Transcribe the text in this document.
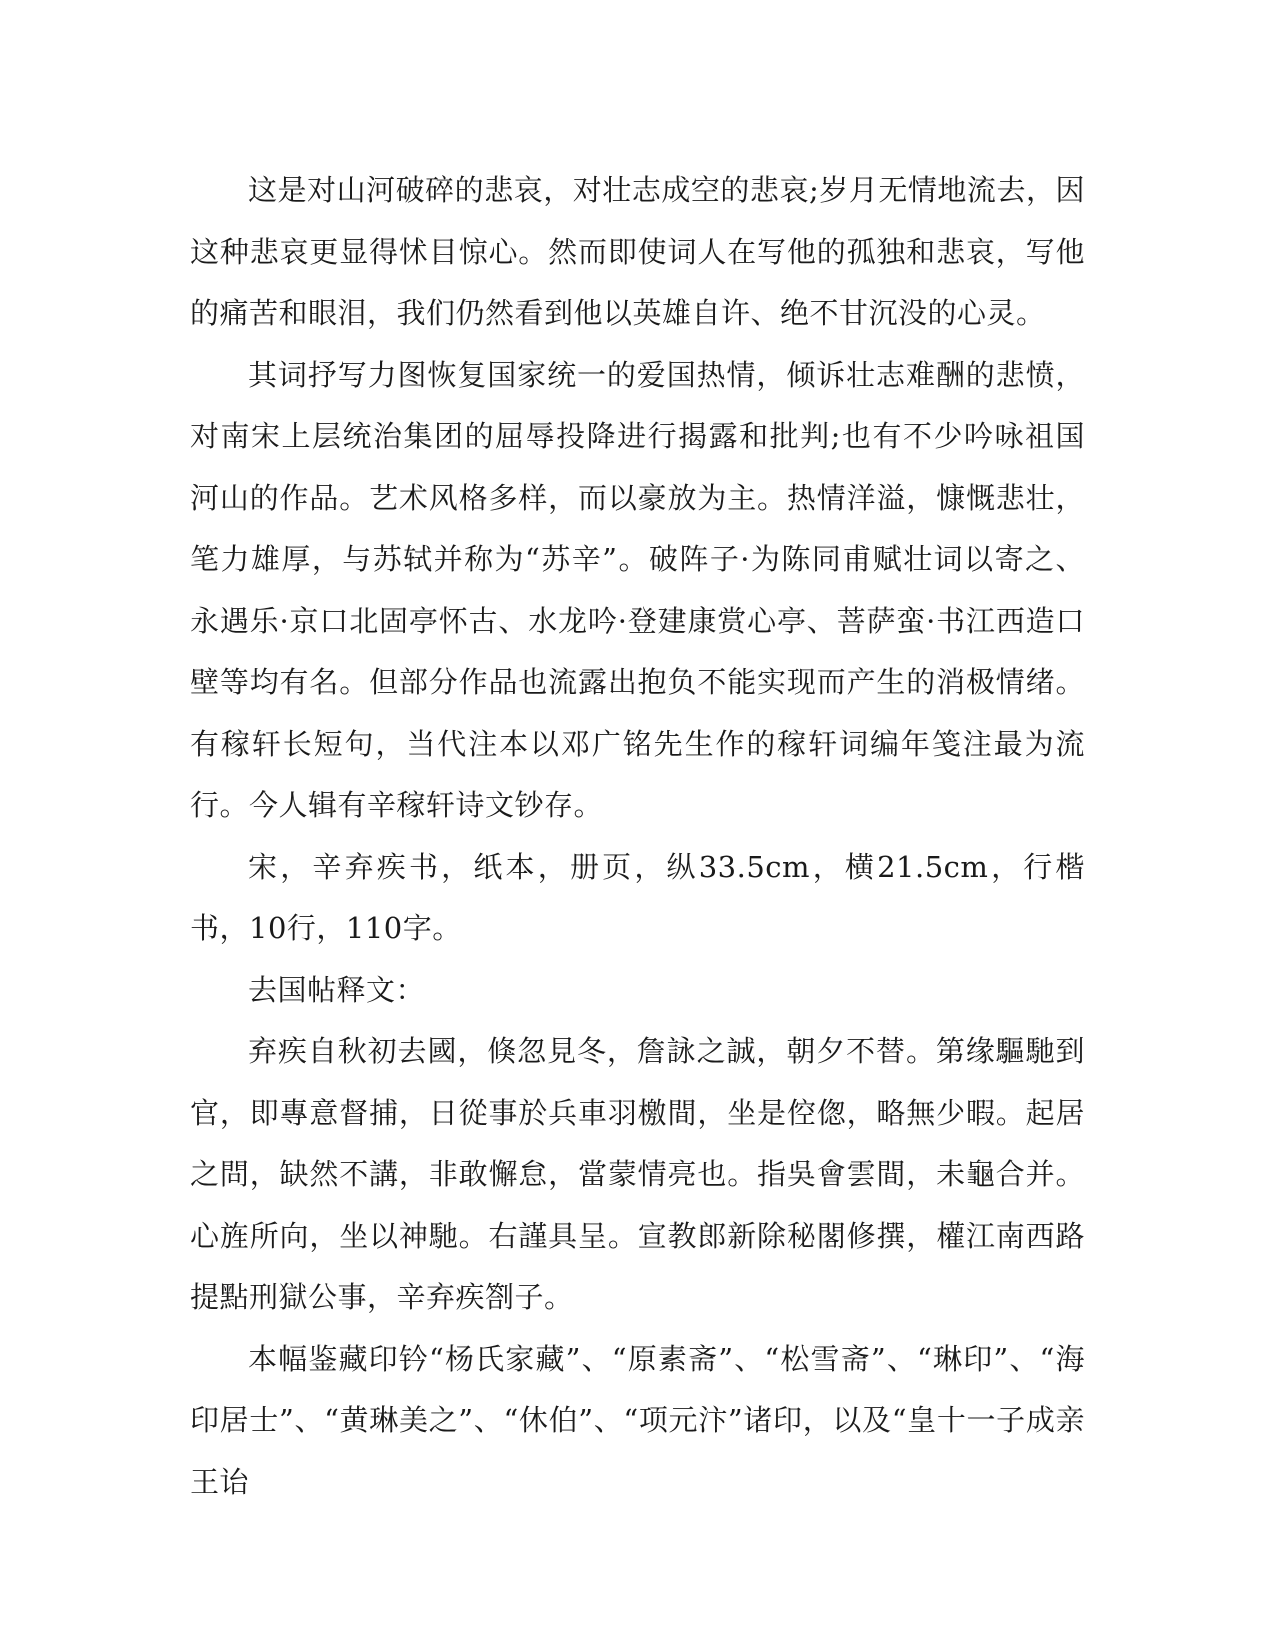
这是对山河破碎的悲哀，对壮志成空的悲哀;岁月无情地流去，因这种悲哀更显得怵目惊心。然而即使词人在写他的孤独和悲哀，写他的痛苦和眼泪，我们仍然看到他以英雄自许、绝不甘沉没的心灵。

其词抒写力图恢复国家统一的爱国热情，倾诉壮志难酬的悲愤，对南宋上层统治集团的屈辱投降进行揭露和批判;也有不少吟咏祖国河山的作品。艺术风格多样，而以豪放为主。热情洋溢，慷慨悲壮，笔力雄厚，与苏轼并称为“苏辛”。破阵子·为陈同甫赋壮词以寄之、永遇乐·京口北固亭怀古、水龙吟·登建康赏心亭、菩萨蛮·书江西造口壁等均有名。但部分作品也流露出抱负不能实现而产生的消极情绪。有稼轩长短句，当代注本以邓广铭先生作的稼轩词编年笺注最为流行。今人辑有辛稼轩诗文钞存。

宋，辛弃疾书，纸本，册页，纵33.5cm，横21.5cm，行楷书，10行，110字。

去国帖释文：

弃疾自秋初去國，倏忽見冬，詹詠之誠，朝夕不替。第缘驅馳到官，即專意督捕，日從事於兵車羽檄間，坐是倥偬，略無少暇。起居之問，缺然不講，非敢懈怠，當蒙情亮也。指吳會雲間，未龜合并。心旌所向，坐以神馳。右謹具呈。宣教郎新除秘閣修撰，權江南西路提點刑獄公事，辛弃疾劄子。

本幅鉴藏印钤“杨氏家藏”、“原素斋”、“松雪斋”、“琳印”、“海印居士”、“黄琳美之”、“休伯”、“项元汴”诸印，以及“皇十一子成亲王诒
